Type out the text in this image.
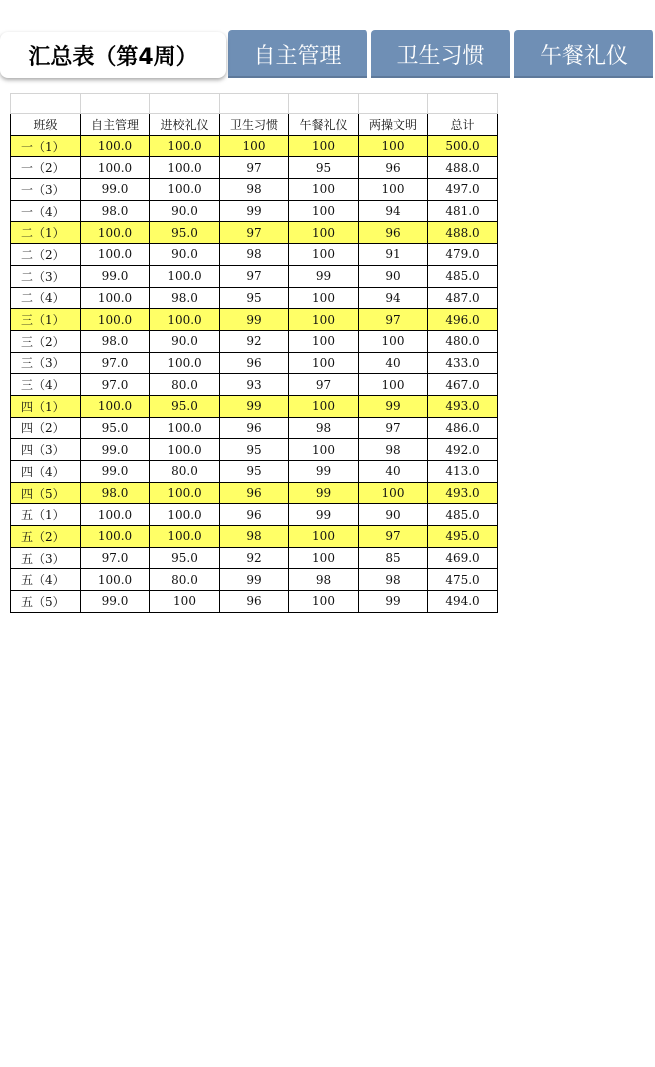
汇总表（第4周）	自主管理	卫生习惯	午餐礼仪

班级	自主管理	进校礼仪	卫生习惯	午餐礼仪	两操文明	总计
一（1）	100.0	100.0	100	100	100	500.0
一（2）	100.0	100.0	97	95	96	488.0
一（3）	99.0	100.0	98	100	100	497.0
一（4）	98.0	90.0	99	100	94	481.0
二（1）	100.0	95.0	97	100	96	488.0
二（2）	100.0	90.0	98	100	91	479.0
二（3）	99.0	100.0	97	99	90	485.0
二（4）	100.0	98.0	95	100	94	487.0
三（1）	100.0	100.0	99	100	97	496.0
三（2）	98.0	90.0	92	100	100	480.0
三（3）	97.0	100.0	96	100	40	433.0
三（4）	97.0	80.0	93	97	100	467.0
四（1）	100.0	95.0	99	100	99	493.0
四（2）	95.0	100.0	96	98	97	486.0
四（3）	99.0	100.0	95	100	98	492.0
四（4）	99.0	80.0	95	99	40	413.0
四（5）	98.0	100.0	96	99	100	493.0
五（1）	100.0	100.0	96	99	90	485.0
五（2）	100.0	100.0	98	100	97	495.0
五（3）	97.0	95.0	92	100	85	469.0
五（4）	100.0	80.0	99	98	98	475.0
五（5）	99.0	100	96	100	99	494.0
